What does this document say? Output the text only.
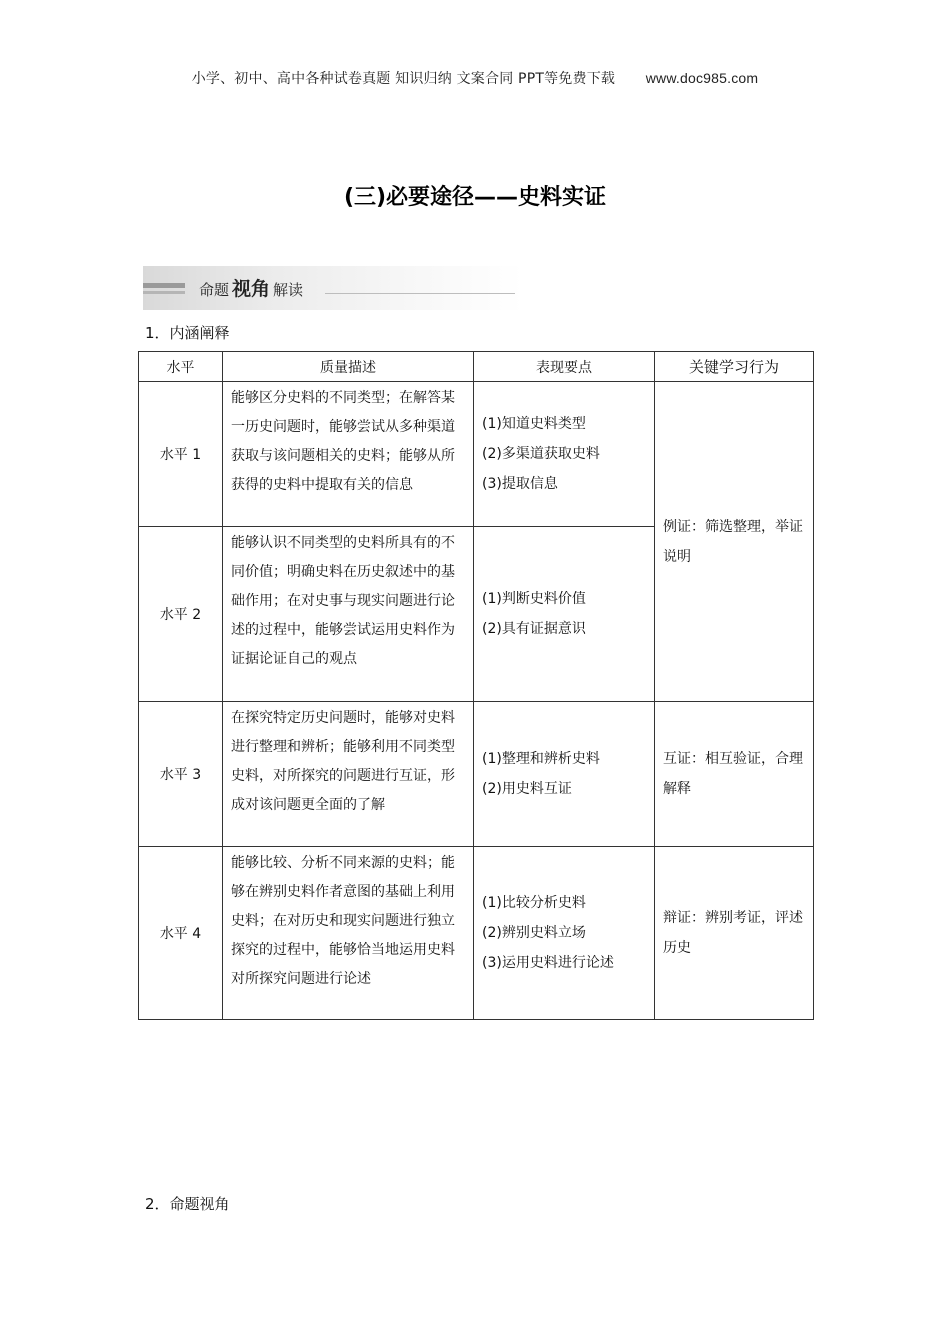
小学、初中、高中各种试卷真题 知识归纳 文案合同 PPT等免费下载 www.doc985.com
(三)必要途径——史料实证
命题 视角 解读
1．内涵阐释
水平	质量描述	表现要点	关键学习行为
水平 1	能够区分史料的不同类型；在解答某一历史问题时，能够尝试从多种渠道获取与该问题相关的史料；能够从所获得的史料中提取有关的信息	(1)知道史料类型
(2)多渠道获取史料
(3)提取信息	例证：筛选整理，举证说明
水平 2	能够认识不同类型的史料所具有的不同价值；明确史料在历史叙述中的基础作用；在对史事与现实问题进行论述的过程中，能够尝试运用史料作为证据论证自己的观点	(1)判断史料价值
(2)具有证据意识	

水平 3	在探究特定历史问题时，能够对史料进行整理和辨析；能够利用不同类型史料，对所探究的问题进行互证，形成对该问题更全面的了解	(1)整理和辨析史料
(2)用史料互证	互证：相互验证，合理解释
水平 4	能够比较、分析不同来源的史料；能够在辨别史料作者意图的基础上利用史料；在对历史和现实问题进行独立探究的过程中，能够恰当地运用史料对所探究问题进行论述	(1)比较分析史料
(2)辨别史料立场
(3)运用史料进行论述	辩证：辨别考证，评述历史
2．命题视角
